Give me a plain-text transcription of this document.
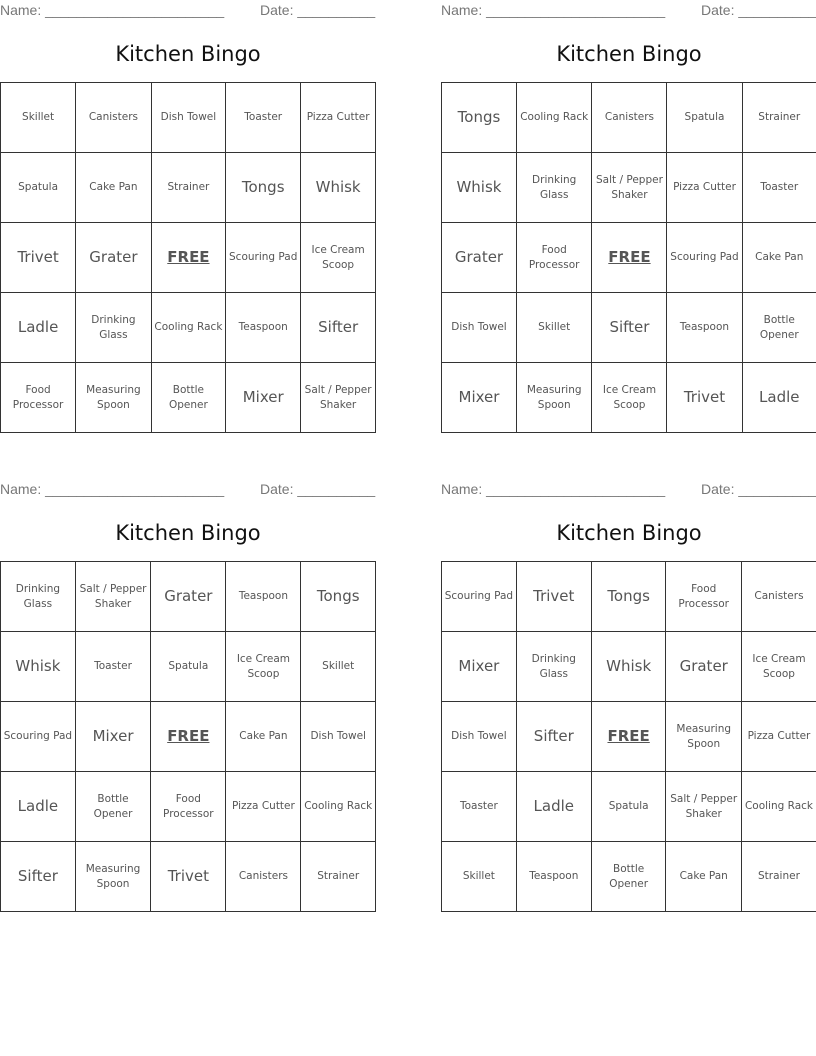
Name: _______________________	Date: __________
Kitchen Bingo
Skillet	Canisters	Dish Towel	Toaster	Pizza Cutter
Spatula	Cake Pan	Strainer	Tongs	Whisk
Trivet	Grater	FREE	Scouring Pad	Ice Cream Scoop
Ladle	Drinking Glass	Cooling Rack	Teaspoon	Sifter
Food Processor	Measuring Spoon	Bottle Opener	Mixer	Salt / Pepper Shaker
Name: _______________________	Date: __________
Kitchen Bingo
Tongs	Cooling Rack	Canisters	Spatula	Strainer
Whisk	Drinking Glass	Salt / Pepper Shaker	Pizza Cutter	Toaster
Grater	Food Processor	FREE	Scouring Pad	Cake Pan
Dish Towel	Skillet	Sifter	Teaspoon	Bottle Opener
Mixer	Measuring Spoon	Ice Cream Scoop	Trivet	Ladle
Name: _______________________	Date: __________
Kitchen Bingo
Drinking Glass	Salt / Pepper Shaker	Grater	Teaspoon	Tongs
Whisk	Toaster	Spatula	Ice Cream Scoop	Skillet
Scouring Pad	Mixer	FREE	Cake Pan	Dish Towel
Ladle	Bottle Opener	Food Processor	Pizza Cutter	Cooling Rack
Sifter	Measuring Spoon	Trivet	Canisters	Strainer
Name: _______________________	Date: __________
Kitchen Bingo
Scouring Pad	Trivet	Tongs	Food Processor	Canisters
Mixer	Drinking Glass	Whisk	Grater	Ice Cream Scoop
Dish Towel	Sifter	FREE	Measuring Spoon	Pizza Cutter
Toaster	Ladle	Spatula	Salt / Pepper Shaker	Cooling Rack
Skillet	Teaspoon	Bottle Opener	Cake Pan	Strainer
